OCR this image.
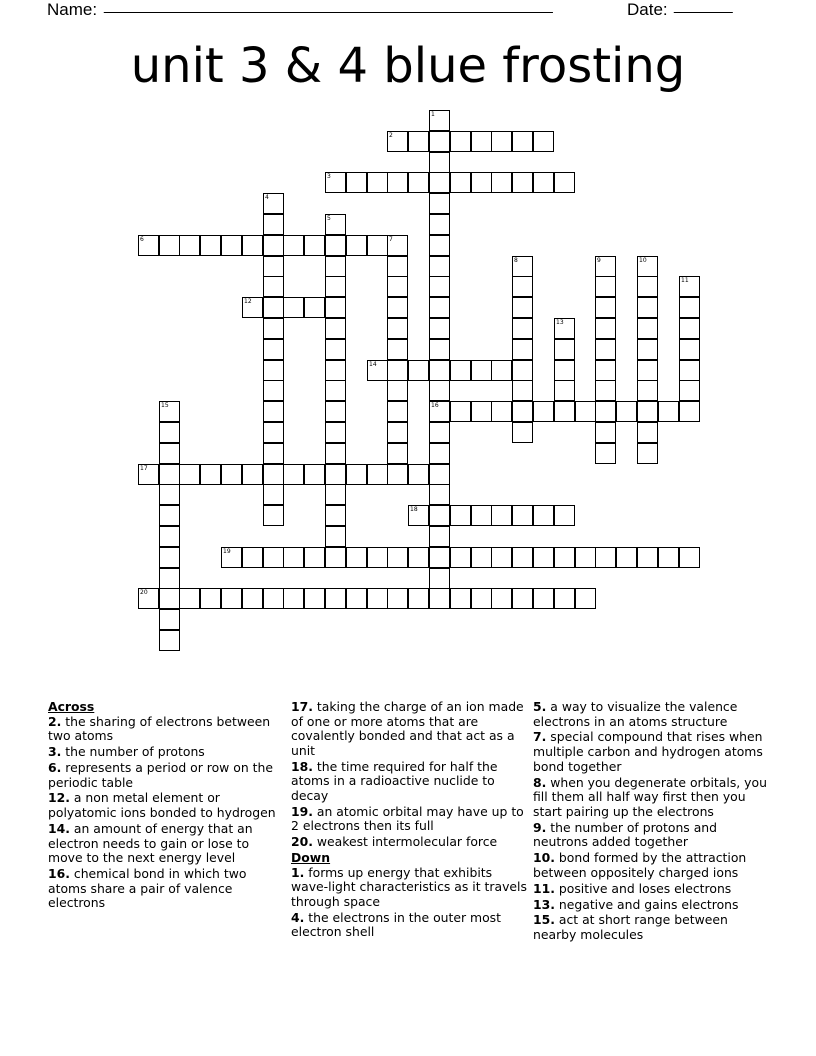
Name: ______________________________________________________	Date: _______
unit 3 & 4 blue frosting
1
16
2
3
4
5
6	7
8	9	10
11
12
13
14
15
17
18
19
20
Across
2. the sharing of electrons between two atoms
3. the number of protons
6. represents a period or row on the periodic table
12. a non metal element or polyatomic ions bonded to hydrogen
14. an amount of energy that an electron needs to gain or lose to move to the next energy level
16. chemical bond in which two atoms share a pair of valence electrons
17. taking the charge of an ion made of one or more atoms that are covalently bonded and that act as a unit
18. the time required for half the atoms in a radioactive nuclide to decay
19. an atomic orbital may have up to 2 electrons then its full
20. weakest intermolecular force
Down
1. forms up energy that exhibits wave-light characteristics as it travels through space
4. the electrons in the outer most electron shell
5. a way to visualize the valence electrons in an atoms structure
7. special compound that rises when multiple carbon and hydrogen atoms bond together
8. when you degenerate orbitals, you fill them all half way first then you start pairing up the electrons
9. the number of protons and neutrons added together
10. bond formed by the attraction between oppositely charged ions
11. positive and loses electrons
13. negative and gains electrons
15. act at short range between nearby molecules
